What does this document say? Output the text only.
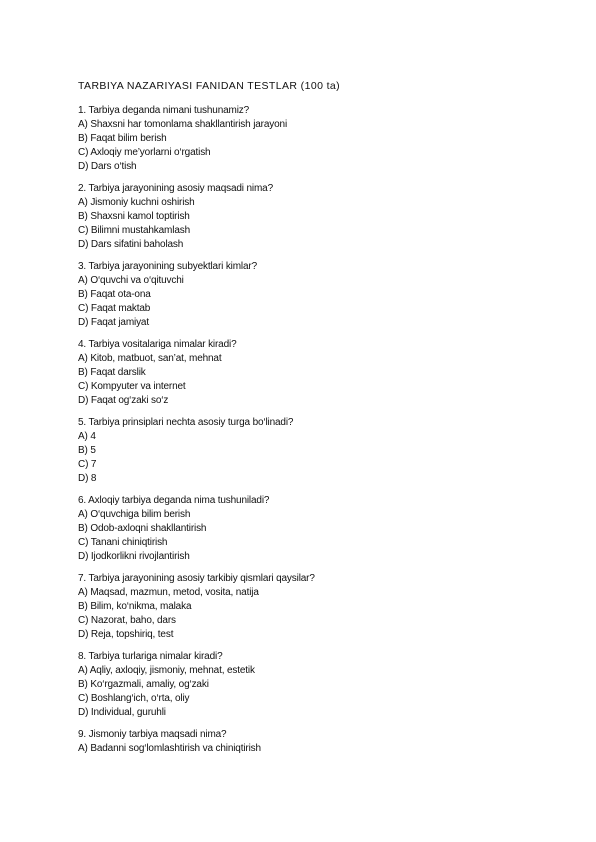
TARBIYA NAZARIYASI FANIDAN TESTLAR (100 ta)
1. Tarbiya deganda nimani tushunamiz?
A) Shaxsni har tomonlama shakllantirish jarayoni
B) Faqat bilim berish
C) Axloqiy me’yorlarni o‘rgatish
D) Dars o‘tish
2. Tarbiya jarayonining asosiy maqsadi nima?
A) Jismoniy kuchni oshirish
B) Shaxsni kamol toptirish
C) Bilimni mustahkamlash
D) Dars sifatini baholash
3. Tarbiya jarayonining subyektlari kimlar?
A) O‘quvchi va o‘qituvchi
B) Faqat ota-ona
C) Faqat maktab
D) Faqat jamiyat
4. Tarbiya vositalariga nimalar kiradi?
A) Kitob, matbuot, san’at, mehnat
B) Faqat darslik
C) Kompyuter va internet
D) Faqat og‘zaki so‘z
5. Tarbiya prinsiplari nechta asosiy turga bo‘linadi?
A) 4
B) 5
C) 7
D) 8
6. Axloqiy tarbiya deganda nima tushuniladi?
A) O‘quvchiga bilim berish
B) Odob-axloqni shakllantirish
C) Tanani chiniqtirish
D) Ijodkorlikni rivojlantirish
7. Tarbiya jarayonining asosiy tarkibiy qismlari qaysilar?
A) Maqsad, mazmun, metod, vosita, natija
B) Bilim, ko‘nikma, malaka
C) Nazorat, baho, dars
D) Reja, topshiriq, test
8. Tarbiya turlariga nimalar kiradi?
A) Aqliy, axloqiy, jismoniy, mehnat, estetik
B) Ko‘rgazmali, amaliy, og‘zaki
C) Boshlang‘ich, o‘rta, oliy
D) Individual, guruhli
9. Jismoniy tarbiya maqsadi nima?
A) Badanni sog‘lomlashtirish va chiniqtirish
